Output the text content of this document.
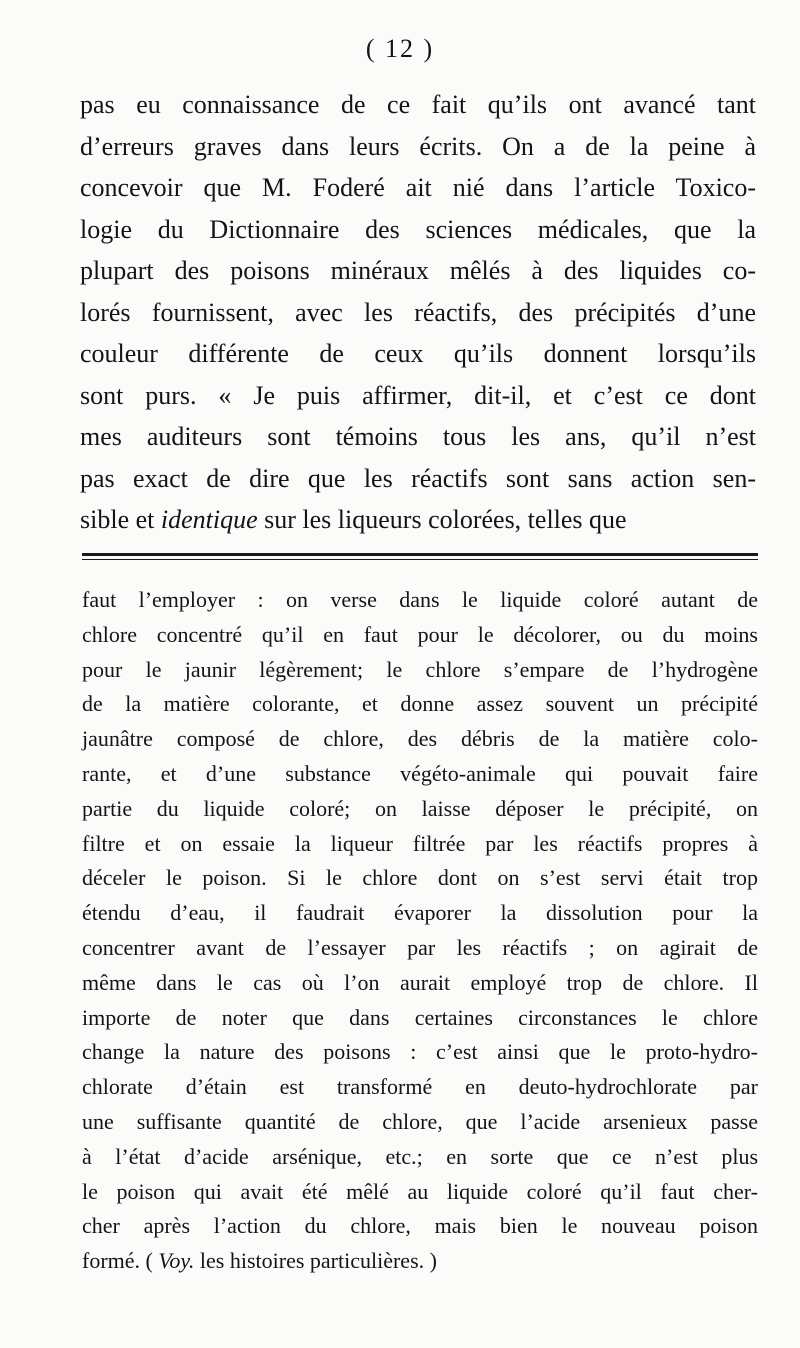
( 12 )
pas eu connaissance de ce fait qu’ils ont avancé tant
d’erreurs graves dans leurs écrits. On a de la peine à
concevoir que M. Foderé ait nié dans l’article Toxico-
logie du Dictionnaire des sciences médicales, que la
plupart des poisons minéraux mêlés à des liquides co-
lorés fournissent, avec les réactifs, des précipités d’une
couleur différente de ceux qu’ils donnent lorsqu’ils
sont purs. « Je puis affirmer, dit-il, et c’est ce dont
mes auditeurs sont témoins tous les ans, qu’il n’est
pas exact de dire que les réactifs sont sans action sen-
sible et identique sur les liqueurs colorées, telles que
faut l’employer : on verse dans le liquide coloré autant de
chlore concentré qu’il en faut pour le décolorer, ou du moins
pour le jaunir légèrement; le chlore s’empare de l’hydrogène
de la matière colorante, et donne assez souvent un précipité
jaunâtre composé de chlore, des débris de la matière colo-
rante, et d’une substance végéto-animale qui pouvait faire
partie du liquide coloré; on laisse déposer le précipité, on
filtre et on essaie la liqueur filtrée par les réactifs propres à
déceler le poison. Si le chlore dont on s’est servi était trop
étendu d’eau, il faudrait évaporer la dissolution pour la
concentrer avant de l’essayer par les réactifs ; on agirait de
même dans le cas où l’on aurait employé trop de chlore. Il
importe de noter que dans certaines circonstances le chlore
change la nature des poisons : c’est ainsi que le proto-hydro-
chlorate d’étain est transformé en deuto-hydrochlorate par
une suffisante quantité de chlore, que l’acide arsenieux passe
à l’état d’acide arsénique, etc.; en sorte que ce n’est plus
le poison qui avait été mêlé au liquide coloré qu’il faut cher-
cher après l’action du chlore, mais bien le nouveau poison
formé. ( Voy. les histoires particulières. )
